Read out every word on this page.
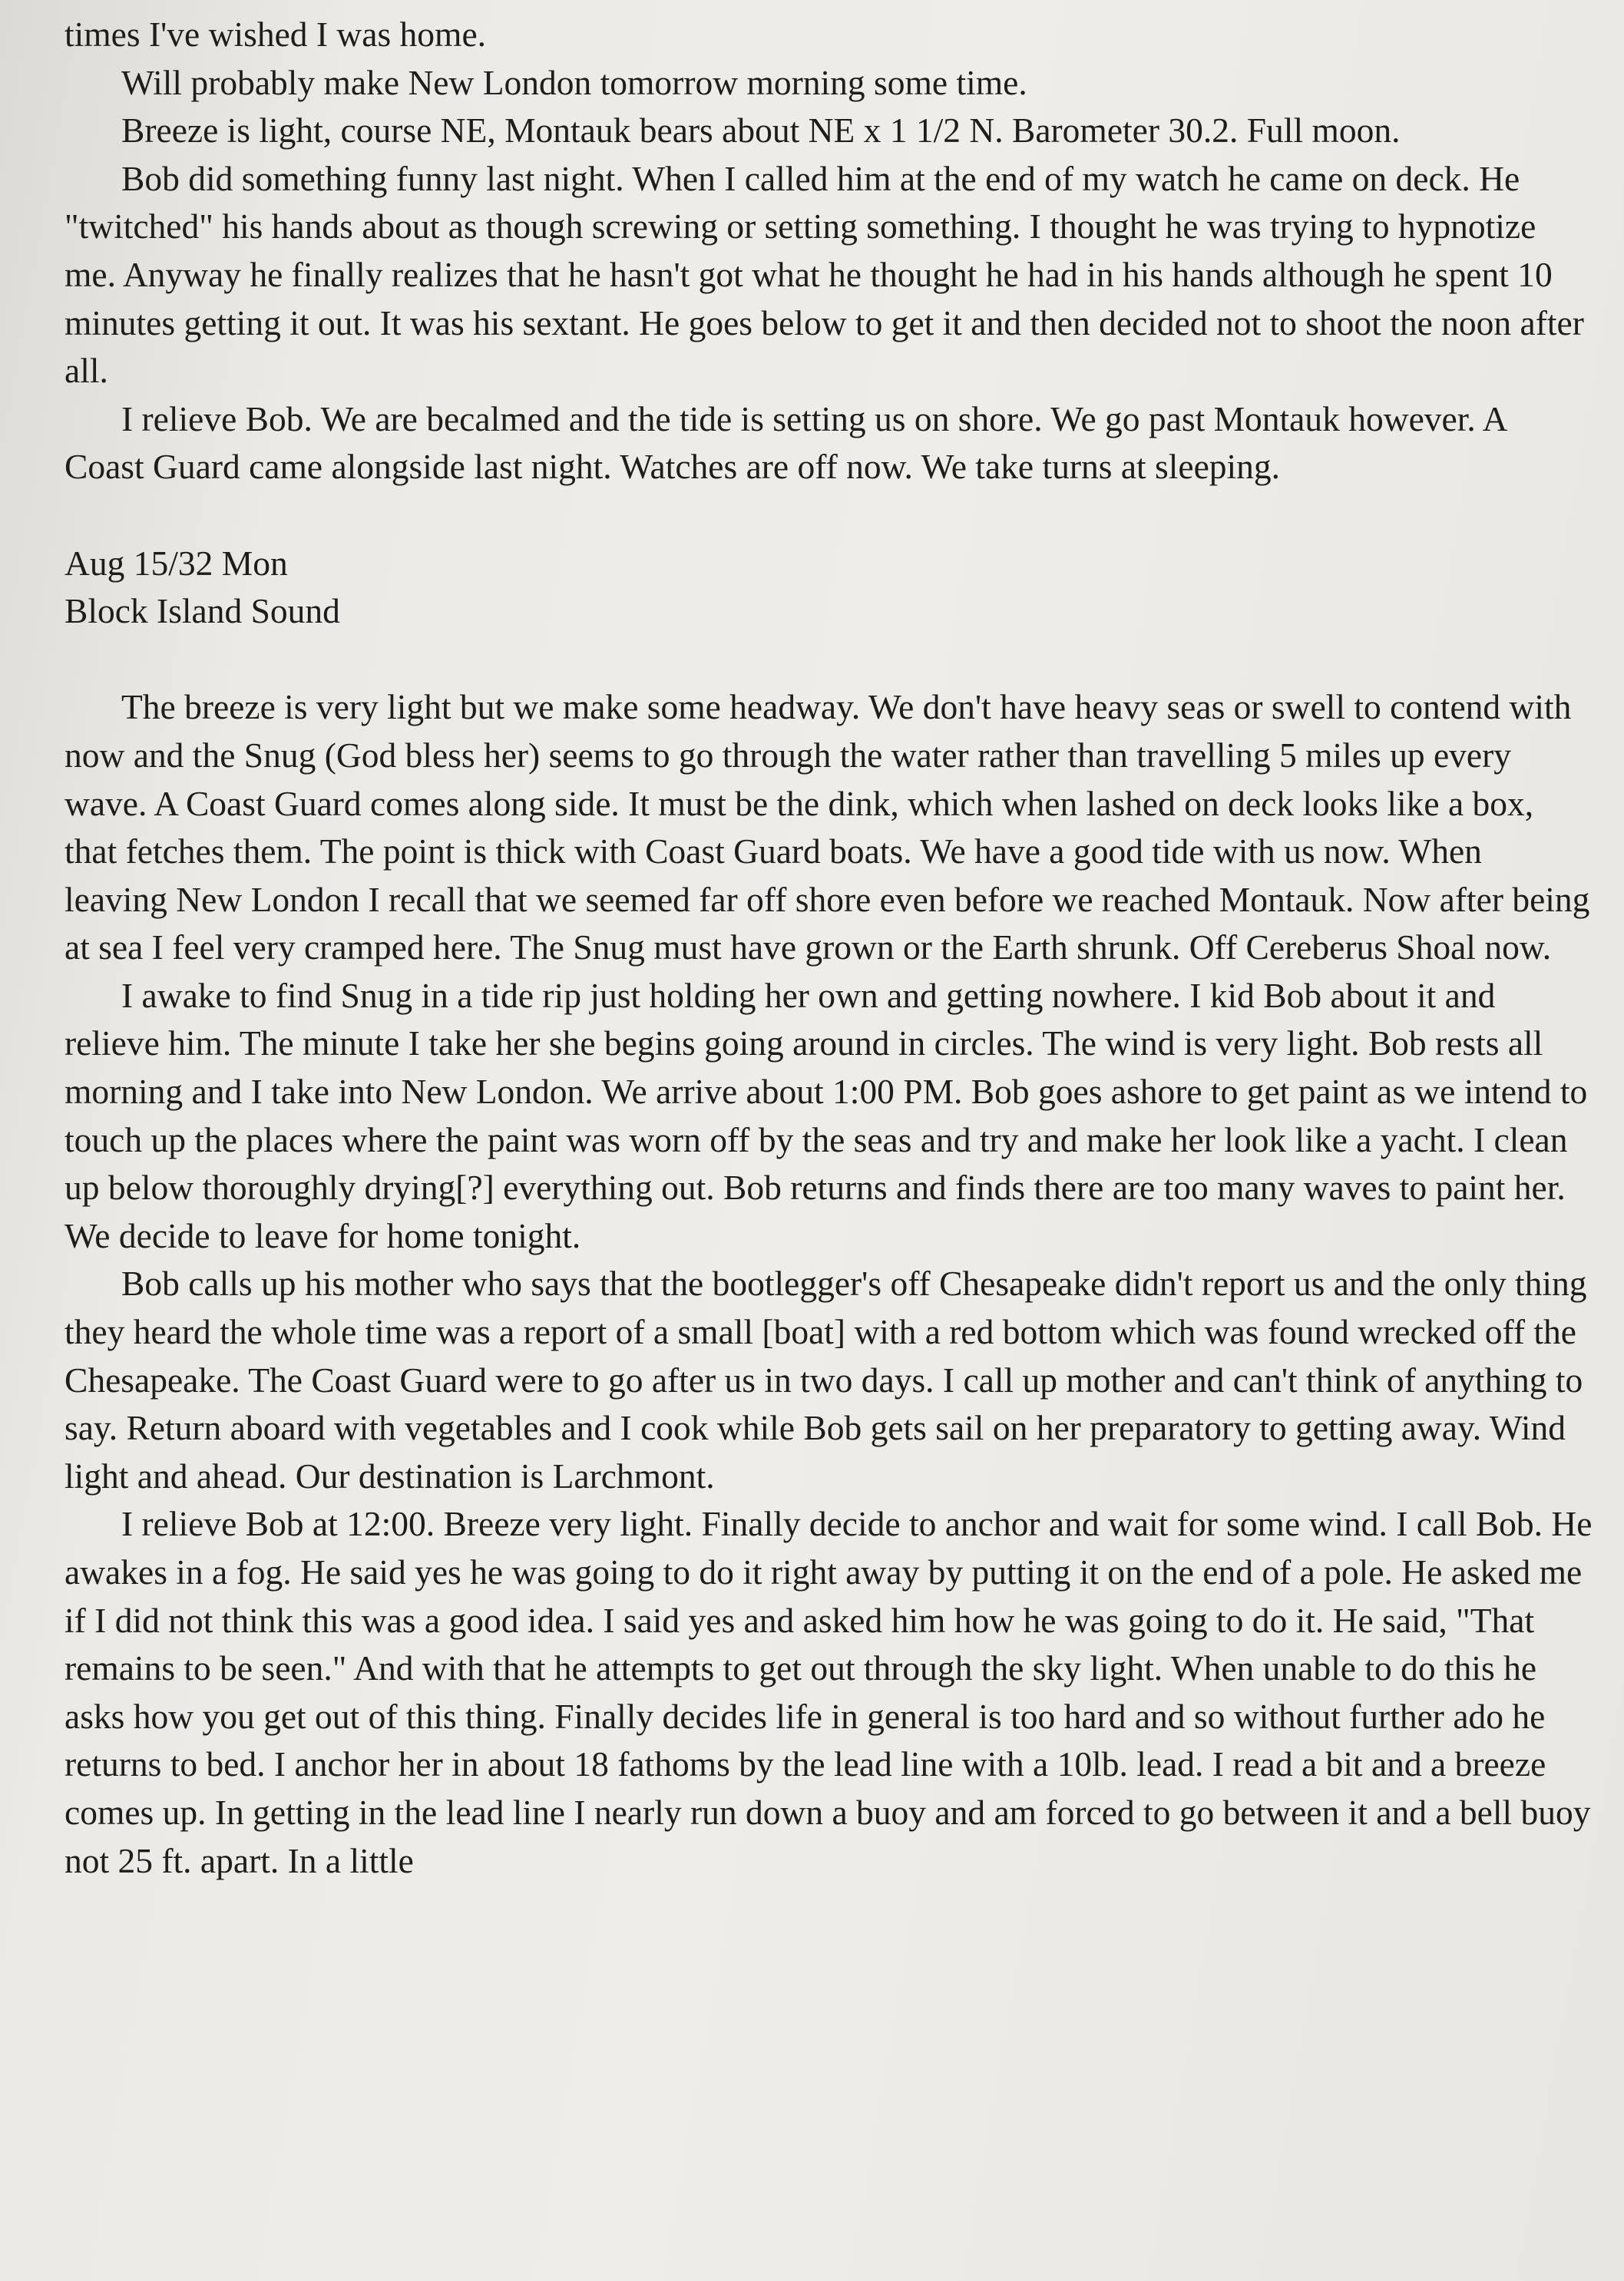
times I've wished I was home.

Will probably make New London tomorrow morning some time.

Breeze is light, course NE, Montauk bears about NE x 1 1/2 N. Barometer 30.2. Full moon.

Bob did something funny last night. When I called him at the end of my watch he came on deck. He "twitched" his hands about as though screwing or setting something. I thought he was trying to hypnotize me. Anyway he finally realizes that he hasn't got what he thought he had in his hands although he spent 10 minutes getting it out. It was his sextant. He goes below to get it and then decided not to shoot the noon after all.

I relieve Bob. We are becalmed and the tide is setting us on shore. We go past Montauk however. A Coast Guard came alongside last night. Watches are off now. We take turns at sleeping.

Aug 15/32 Mon

Block Island Sound

The breeze is very light but we make some headway. We don't have heavy seas or swell to contend with now and the Snug (God bless her) seems to go through the water rather than travelling 5 miles up every wave. A Coast Guard comes along side. It must be the dink, which when lashed on deck looks like a box, that fetches them. The point is thick with Coast Guard boats. We have a good tide with us now. When leaving New London I recall that we seemed far off shore even before we reached Montauk. Now after being at sea I feel very cramped here. The Snug must have grown or the Earth shrunk. Off Cereberus Shoal now.

I awake to find Snug in a tide rip just holding her own and getting nowhere. I kid Bob about it and relieve him. The minute I take her she begins going around in circles. The wind is very light. Bob rests all morning and I take into New London. We arrive about 1:00 PM. Bob goes ashore to get paint as we intend to touch up the places where the paint was worn off by the seas and try and make her look like a yacht. I clean up below thoroughly drying[?] everything out. Bob returns and finds there are too many waves to paint her. We decide to leave for home tonight.

Bob calls up his mother who says that the bootlegger's off Chesapeake didn't report us and the only thing they heard the whole time was a report of a small [boat] with a red bottom which was found wrecked off the Chesapeake. The Coast Guard were to go after us in two days. I call up mother and can't think of anything to say. Return aboard with vegetables and I cook while Bob gets sail on her preparatory to getting away. Wind light and ahead. Our destination is Larchmont.

I relieve Bob at 12:00. Breeze very light. Finally decide to anchor and wait for some wind. I call Bob. He awakes in a fog. He said yes he was going to do it right away by putting it on the end of a pole. He asked me if I did not think this was a good idea. I said yes and asked him how he was going to do it. He said, "That remains to be seen." And with that he attempts to get out through the sky light. When unable to do this he asks how you get out of this thing. Finally decides life in general is too hard and so without further ado he returns to bed. I anchor her in about 18 fathoms by the lead line with a 10lb. lead. I read a bit and a breeze comes up. In getting in the lead line I nearly run down a buoy and am forced to go between it and a bell buoy not 25 ft. apart. In a little
